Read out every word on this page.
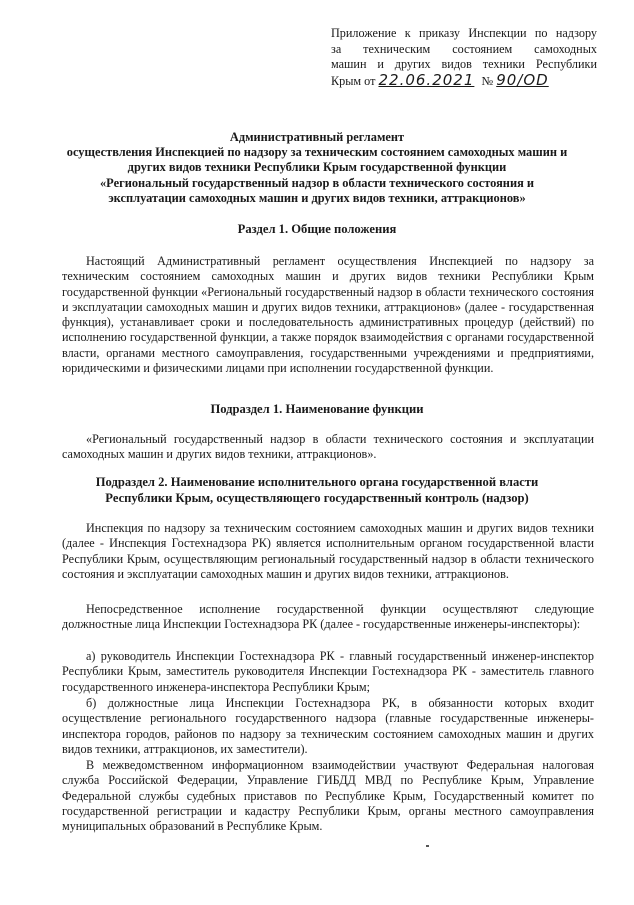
Приложение к приказу Инспекции по надзору
за техническим состоянием самоходных
машин и других видов техники Республики
Крым от 22.06.2021 № 90/OD
Административный регламент
осуществления Инспекцией по надзору за техническим состоянием самоходных машин и
других видов техники Республики Крым государственной функции
«Региональный государственный надзор в области технического состояния и
эксплуатации самоходных машин и других видов техники, аттракционов»
Раздел 1. Общие положения
Настоящий Административный регламент осуществления Инспекцией по надзору за техническим состоянием самоходных машин и других видов техники Республики Крым государственной функции «Региональный государственный надзор в области технического состояния и эксплуатации самоходных машин и других видов техники, аттракционов» (далее - государственная функция), устанавливает сроки и последовательность административных процедур (действий) по исполнению государственной функции, а также порядок взаимодействия с органами государственной власти, органами местного самоуправления, государственными учреждениями и предприятиями, юридическими и физическими лицами при исполнении государственной функции.
Подраздел 1. Наименование функции
«Региональный государственный надзор в области технического состояния и эксплуатации самоходных машин и других видов техники, аттракционов».
Подраздел 2. Наименование исполнительного органа государственной власти
Республики Крым, осуществляющего государственный контроль (надзор)
Инспекция по надзору за техническим состоянием самоходных машин и других видов техники (далее - Инспекция Гостехнадзора РК) является исполнительным органом государственной власти Республики Крым, осуществляющим региональный государственный надзор в области технического состояния и эксплуатации самоходных машин и других видов техники, аттракционов.
Непосредственное исполнение государственной функции осуществляют следующие должностные лица Инспекции Гостехнадзора РК (далее - государственные инженеры-инспекторы):
а) руководитель Инспекции Гостехнадзора РК - главный государственный инженер-инспектор Республики Крым, заместитель руководителя Инспекции Гостехнадзора РК - заместитель главного государственного инженера-инспектора Республики Крым;
б) должностные лица Инспекции Гостехнадзора РК, в обязанности которых входит осуществление регионального государственного надзора (главные государственные инженеры-инспектора городов, районов по надзору за техническим состоянием самоходных машин и других видов техники, аттракционов, их заместители).
В межведомственном информационном взаимодействии участвуют Федеральная налоговая служба Российской Федерации, Управление ГИБДД МВД по Республике Крым, Управление Федеральной службы судебных приставов по Республике Крым, Государственный комитет по государственной регистрации и кадастру Республики Крым, органы местного самоуправления муниципальных образований в Республике Крым.
